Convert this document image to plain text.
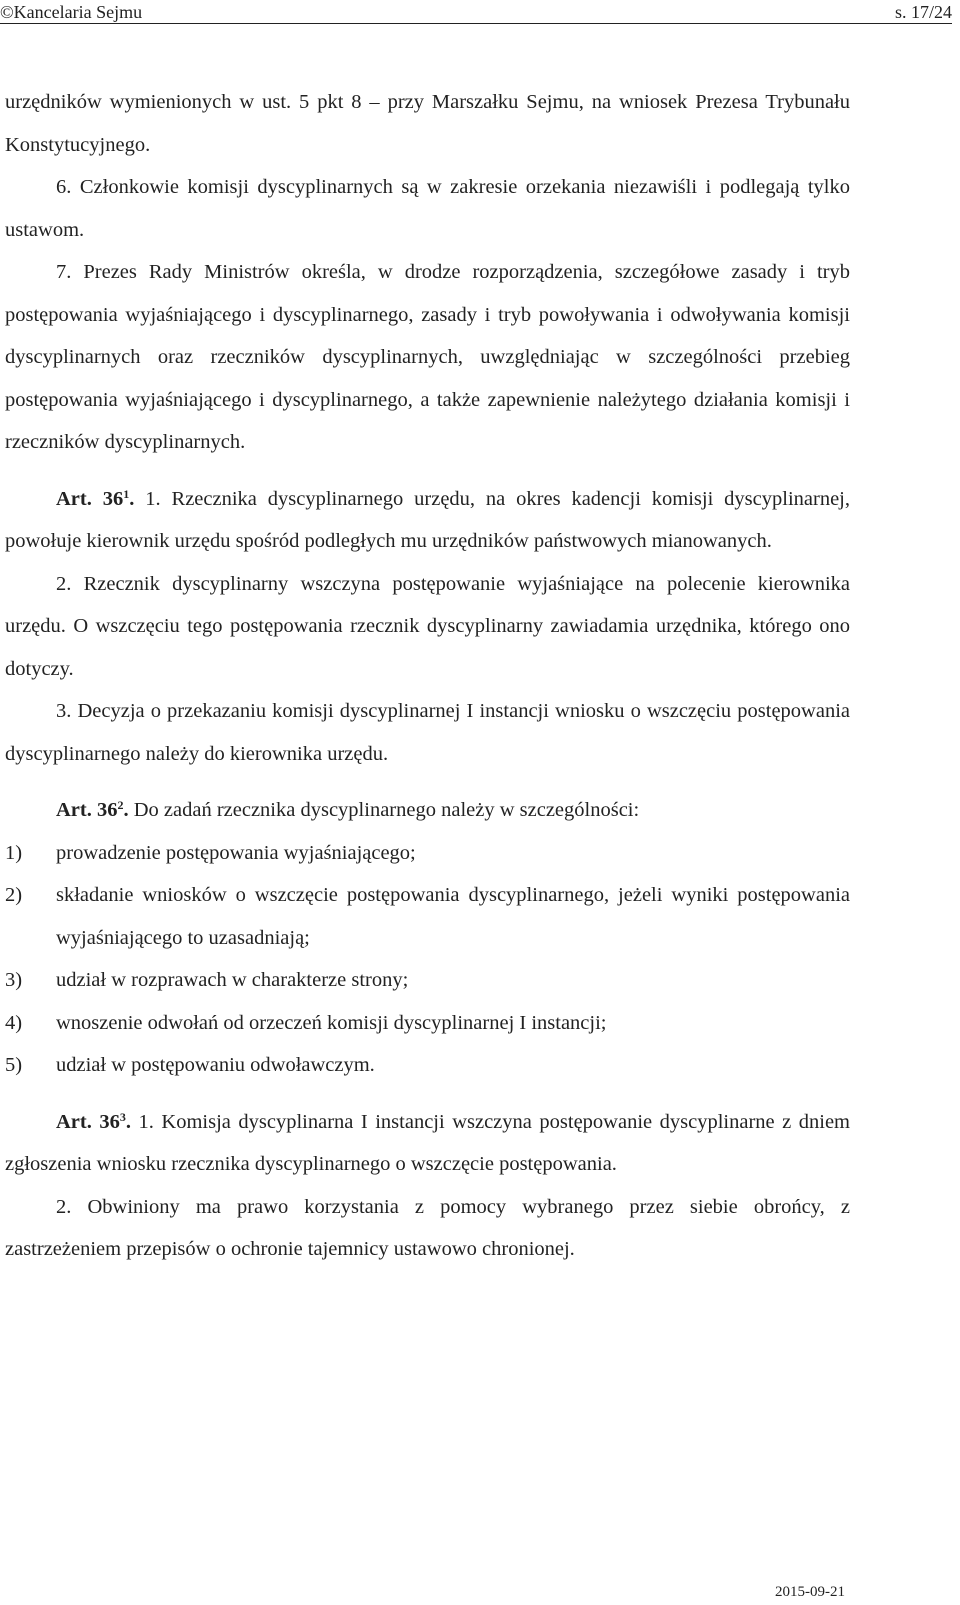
©Kancelaria Sejmu	s. 17/24

urzędników wymienionych w ust. 5 pkt 8 – przy Marszałku Sejmu, na wniosek Prezesa Trybunału Konstytucyjnego.

6. Członkowie komisji dyscyplinarnych są w zakresie orzekania niezawiśli i podlegają tylko ustawom.

7. Prezes Rady Ministrów określa, w drodze rozporządzenia, szczegółowe zasady i tryb postępowania wyjaśniającego i dyscyplinarnego, zasady i tryb powoływania i odwoływania komisji dyscyplinarnych oraz rzeczników dyscyplinarnych, uwzględniając w szczególności przebieg postępowania wyjaśniającego i dyscyplinarnego, a także zapewnienie należytego działania komisji i rzeczników dyscyplinarnych.

Art. $36^1$. 1. Rzecznika dyscyplinarnego urzędu, na okres kadencji komisji dyscyplinarnej, powołuje kierownik urzędu spośród podległych mu urzędników państwowych mianowanych.

2. Rzecznik dyscyplinarny wszczyna postępowanie wyjaśniające na polecenie kierownika urzędu. O wszczęciu tego postępowania rzecznik dyscyplinarny zawiadamia urzędnika, którego ono dotyczy.

3. Decyzja o przekazaniu komisji dyscyplinarnej I instancji wniosku o wszczęciu postępowania dyscyplinarnego należy do kierownika urzędu.

Art. $36^2$. Do zadań rzecznika dyscyplinarnego należy w szczególności:

1) prowadzenie postępowania wyjaśniającego;
2) składanie wniosków o wszczęcie postępowania dyscyplinarnego, jeżeli wyniki postępowania wyjaśniającego to uzasadniają;
3) udział w rozprawach w charakterze strony;
4) wnoszenie odwołań od orzeczeń komisji dyscyplinarnej I instancji;
5) udział w postępowaniu odwoławczym.

Art. $36^3$. 1. Komisja dyscyplinarna I instancji wszczyna postępowanie dyscyplinarne z dniem zgłoszenia wniosku rzecznika dyscyplinarnego o wszczęcie postępowania.

2. Obwiniony ma prawo korzystania z pomocy wybranego przez siebie obrońcy, z zastrzeżeniem przepisów o ochronie tajemnicy ustawowo chronionej.

2015-09-21
